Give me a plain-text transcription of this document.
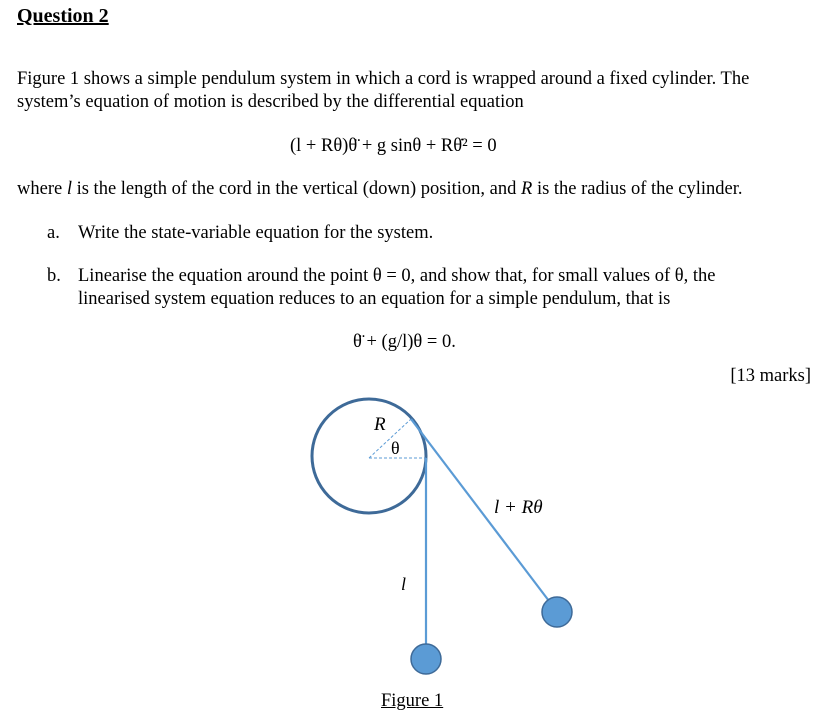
Question 2
Figure 1 shows a simple pendulum system in which a cord is wrapped around a fixed cylinder. The
system’s equation of motion is described by the differential equation
(l + Rθ)θ̈ + g sinθ + Rθ̇² = 0
where l is the length of the cord in the vertical (down) position, and R is the radius of the cylinder.
a. Write the state-variable equation for the system.
b. Linearise the equation around the point θ = 0, and show that, for small values of θ, the
linearised system equation reduces to an equation for a simple pendulum, that is
θ̈ + (g/l)θ = 0.
[13 marks]
R
θ
l
l + Rθ
Figure 1
